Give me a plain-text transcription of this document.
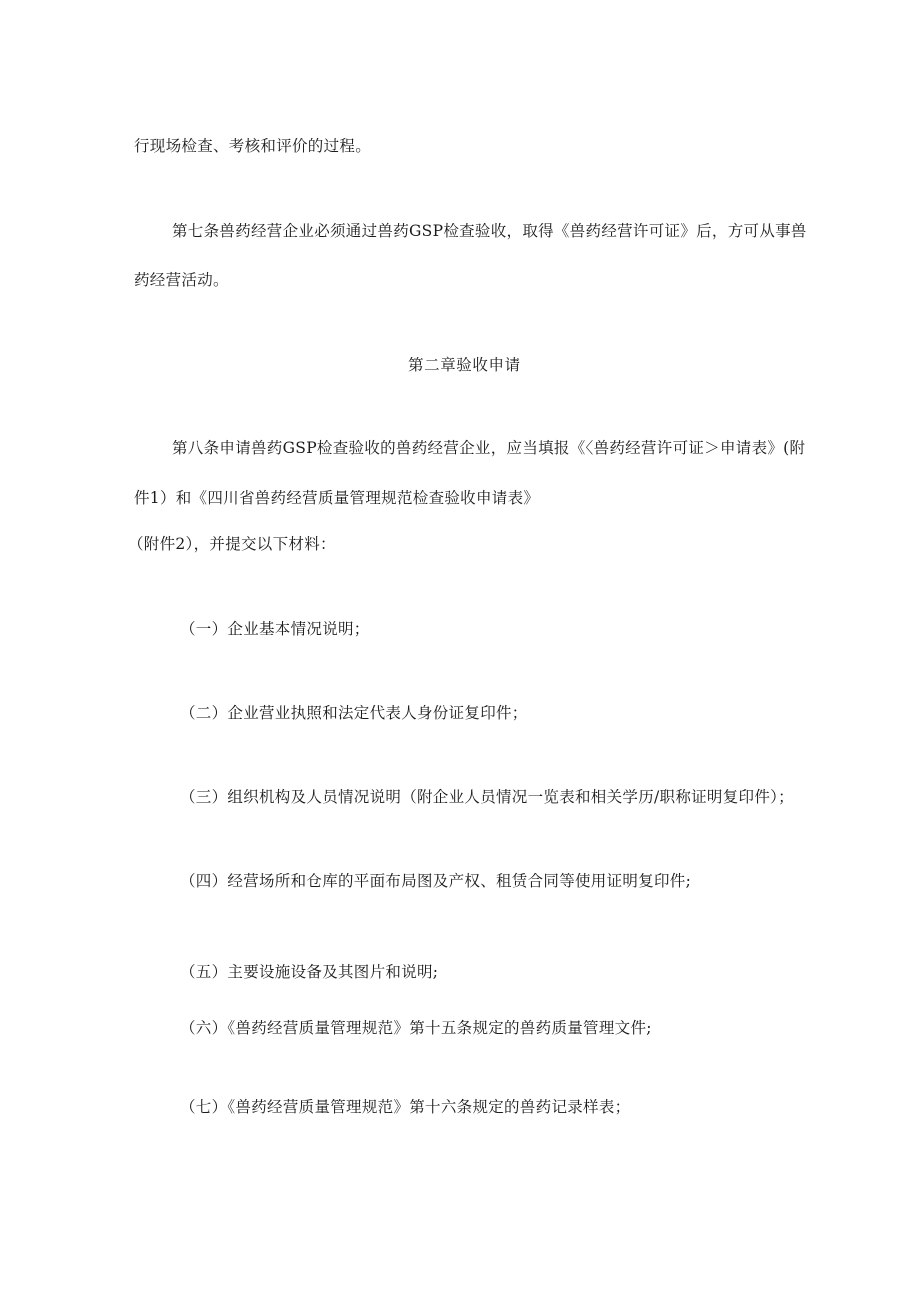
行现场检查、考核和评价的过程。
第七条兽药经营企业必须通过兽药GSP检查验收，取得《兽药经营许可证》后，方可从事兽
药经营活动。
第二章验收申请
第八条申请兽药GSP检查验收的兽药经营企业，应当填报《〈兽药经营许可证＞申请表》(附
件1）和《四川省兽药经营质量管理规范检查验收申请表》
（附件2），并提交以下材料：
（一）企业基本情况说明；
（二）企业营业执照和法定代表人身份证复印件；
（三）组织机构及人员情况说明（附企业人员情况一览表和相关学历/职称证明复印件）；
（四）经营场所和仓库的平面布局图及产权、租赁合同等使用证明复印件;
（五）主要设施设备及其图片和说明;
（六）《兽药经营质量管理规范》第十五条规定的兽药质量管理文件;
（七）《兽药经营质量管理规范》第十六条规定的兽药记录样表；
